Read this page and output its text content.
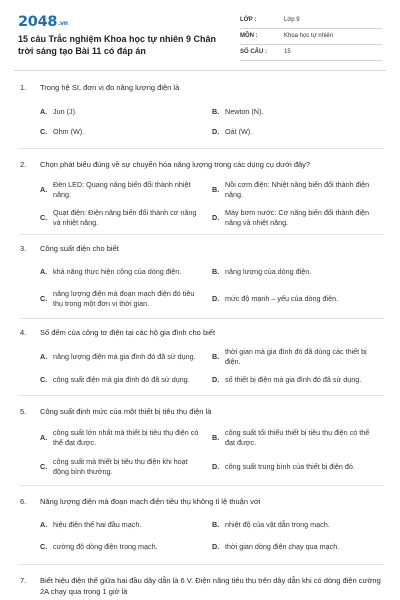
2048.vn
15 câu Trắc nghiệm Khoa học tự nhiên 9 Chân trời sáng tạo Bài 11 có đáp án
LỚP :	Lớp 9
MÔN :	Khoa học tự nhiên
SỐ CÂU :	15
1. Trong hệ SI, đơn vị đo năng lượng điện là
A. Jun (J).	B. Newton (N).
C. Ohm (W).	D. Oát (W).
2. Chọn phát biểu đúng về sự chuyển hóa năng lượng trong các dụng cụ dưới đây?
A.
Đèn LED: Quang năng biến đổi thành nhiệt năng.
B.
Nồi cơm điện: Nhiệt năng biến đổi thành điện năng.
C.
Quạt điện: Điện năng biến đổi thành cơ năng và nhiệt năng.
D.
Máy bơm nước: Cơ năng biến đổi thành điện năng và nhiệt năng.
3. Công suất điện cho biết
A. khả năng thực hiện công của dòng điện.	B. năng lượng của dòng điện.
C.
năng lượng điện mà đoạn mạch điện đó tiêu thụ trong một đơn vị thời gian.
D. mức độ mạnh – yếu của dòng điện.
4. Số đếm của công tơ điện tại các hộ gia đình cho biết
A. năng lượng điện mà gia đình đó đã sử dụng.	B.
thời gian mà gia đình đó đã dùng các thiết bị điện.
C. công suất điện mà gia đình đó đã sử dụng.	D. số thiết bị điện mà gia đình đó đã sử dụng.
5. Công suất định mức của một thiết bị tiêu thụ điện là
A.
công suất lớn nhất mà thiết bị tiêu thụ điện có thể đạt được.
B.
công suất tối thiểu thiết bị tiêu thụ điện có thể đạt được.
C.
công suất mà thiết bị tiêu thụ điện khi hoạt động bình thường.
D. công suất trung bình của thiết bị điện đó.
6. Năng lượng điện mà đoạn mạch điện tiêu thụ không tỉ lệ thuận với
A. hiệu điện thế hai đầu mạch.	B. nhiệt độ của vật dẫn trong mạch.
C. cường độ dòng điện trong mạch.	D. thời gian dòng điện chạy qua mạch.
7. Biết hiệu điện thế giữa hai đầu dây dẫn là 6 V. Điện năng tiêu thụ trên dây dẫn khi có dòng điện cường 2A chạy qua trong 1 giờ là
